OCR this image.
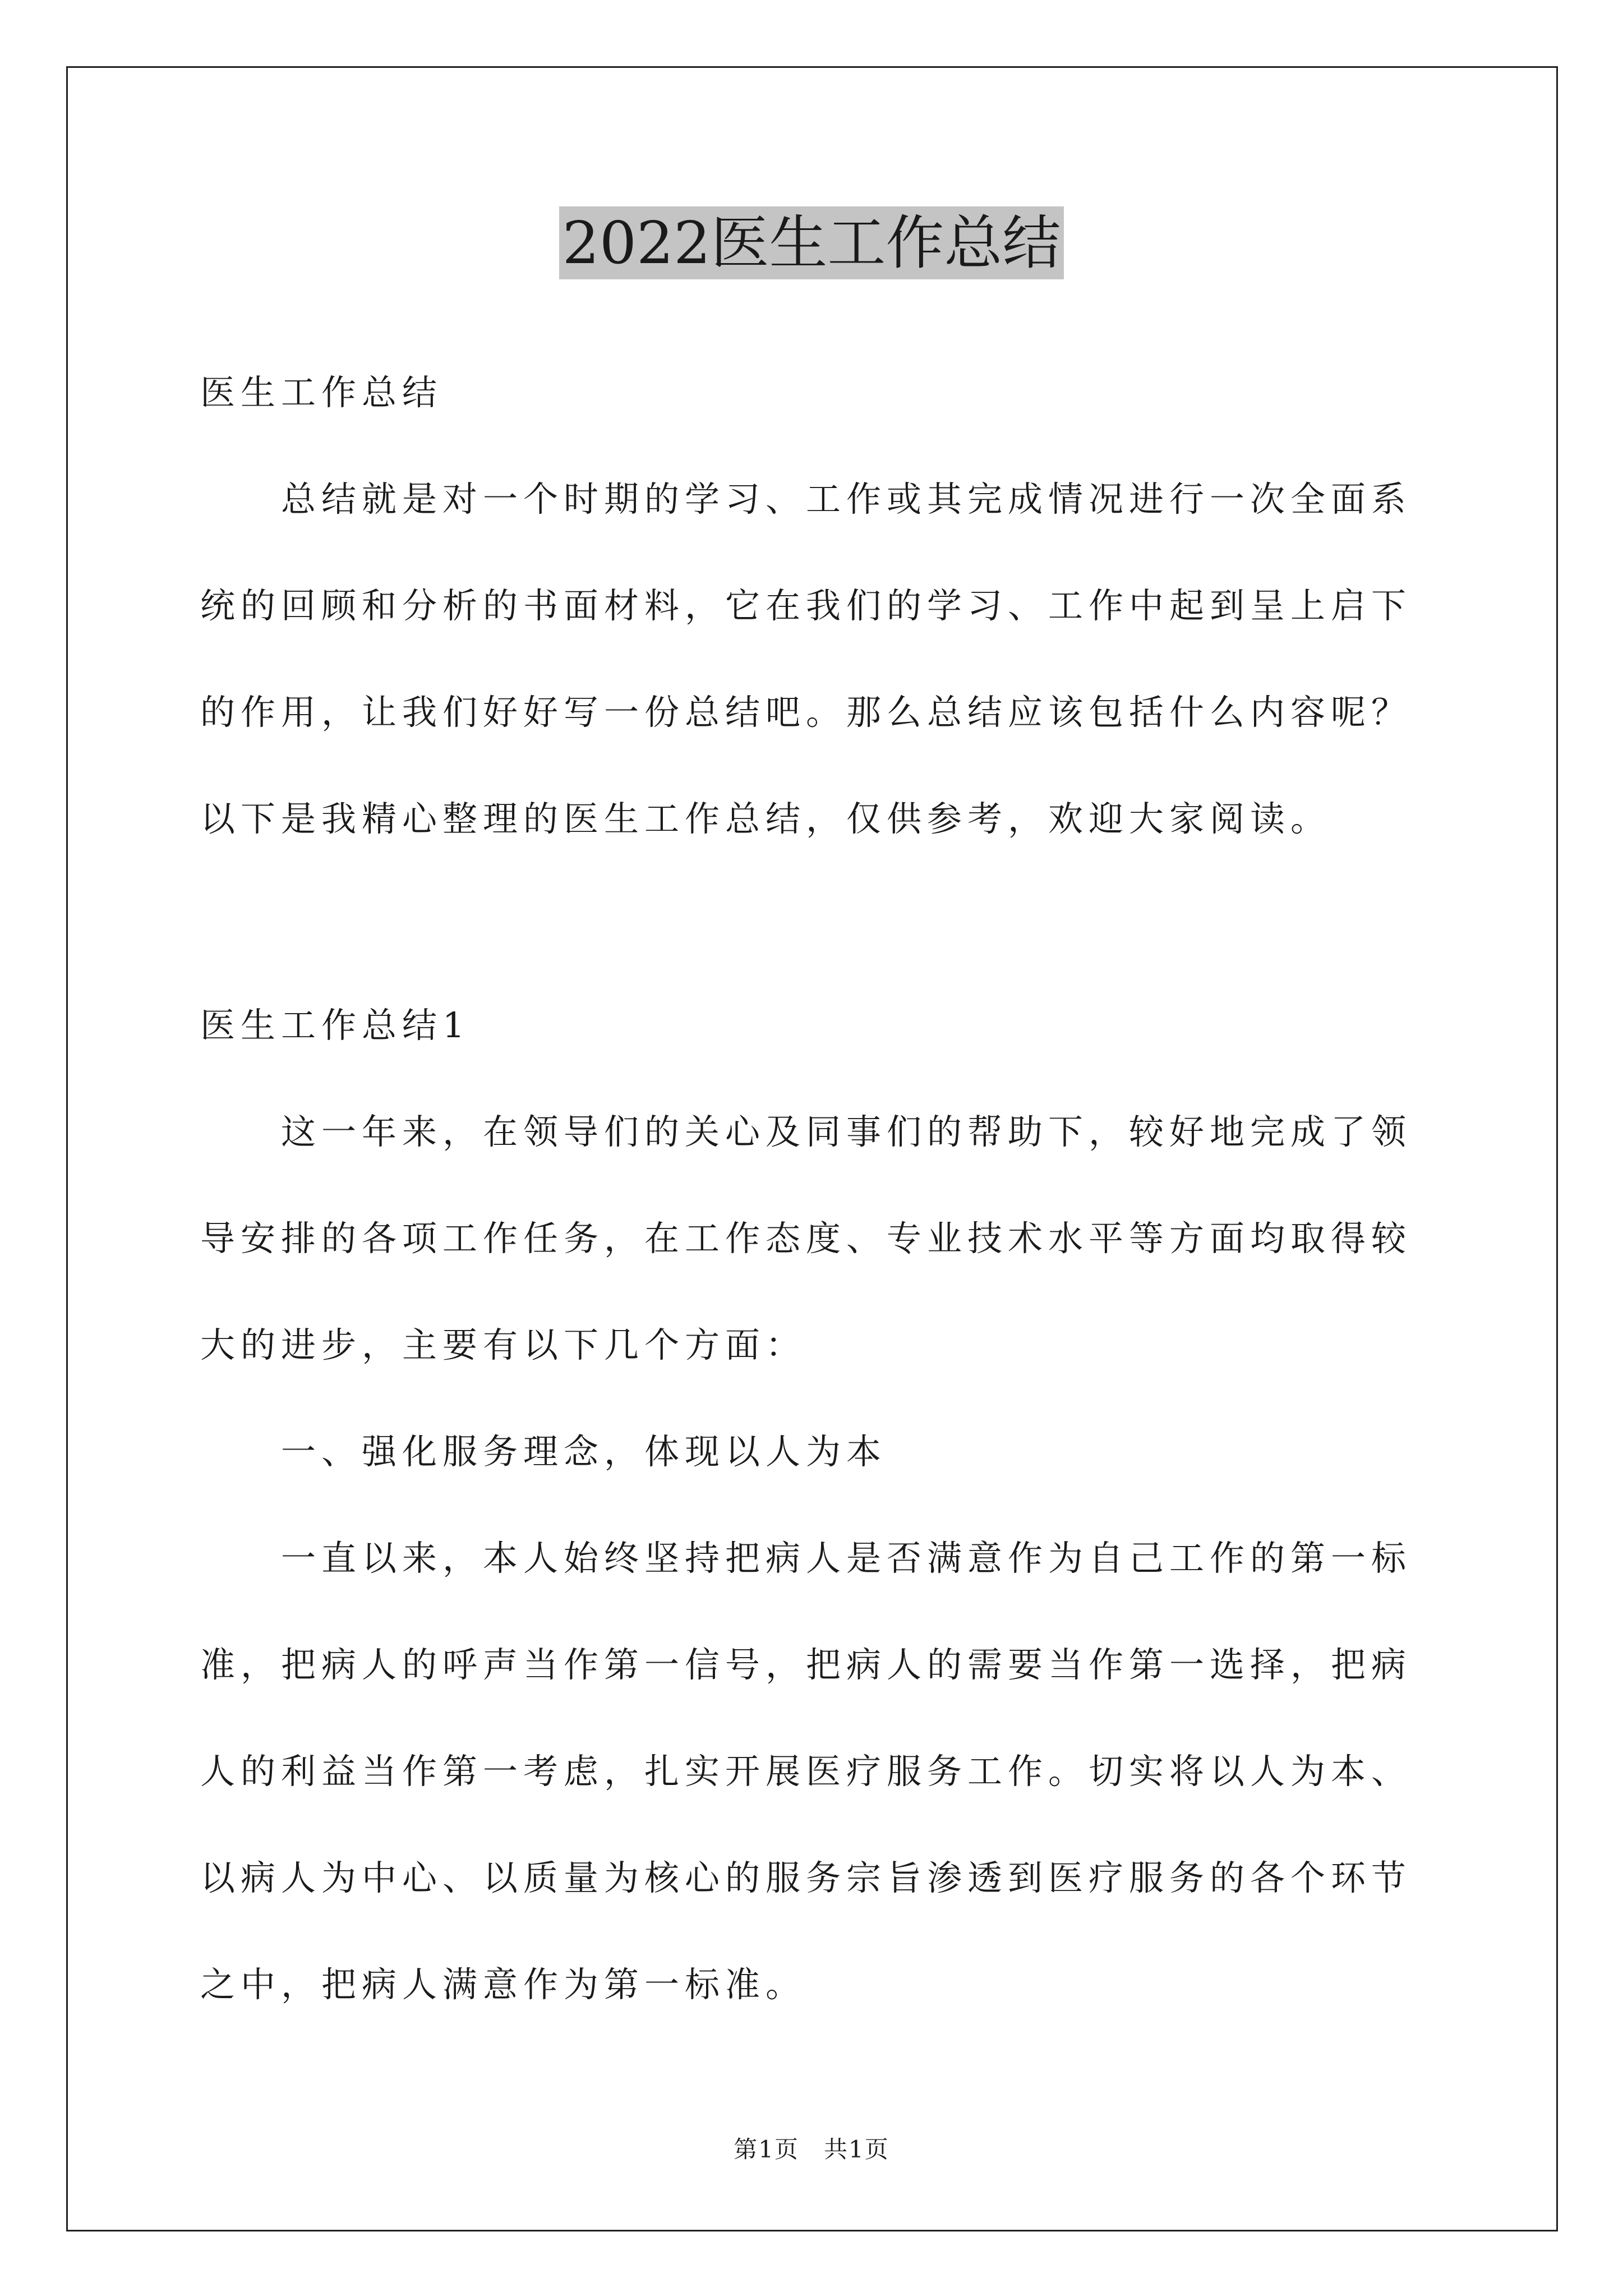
2022医生工作总结

医生工作总结

总结就是对一个时期的学习、工作或其完成情况进行一次全面系统的回顾和分析的书面材料，它在我们的学习、工作中起到呈上启下的作用，让我们好好写一份总结吧。那么总结应该包括什么内容呢？以下是我精心整理的医生工作总结，仅供参考，欢迎大家阅读。

医生工作总结1

这一年来，在领导们的关心及同事们的帮助下，较好地完成了领导安排的各项工作任务，在工作态度、专业技术水平等方面均取得较大的进步，主要有以下几个方面：

一、强化服务理念，体现以人为本

一直以来，本人始终坚持把病人是否满意作为自己工作的第一标准，把病人的呼声当作第一信号，把病人的需要当作第一选择，把病人的利益当作第一考虑，扎实开展医疗服务工作。切实将以人为本、以病人为中心、以质量为核心的服务宗旨渗透到医疗服务的各个环节之中，把病人满意作为第一标准。

第1页　共1页
